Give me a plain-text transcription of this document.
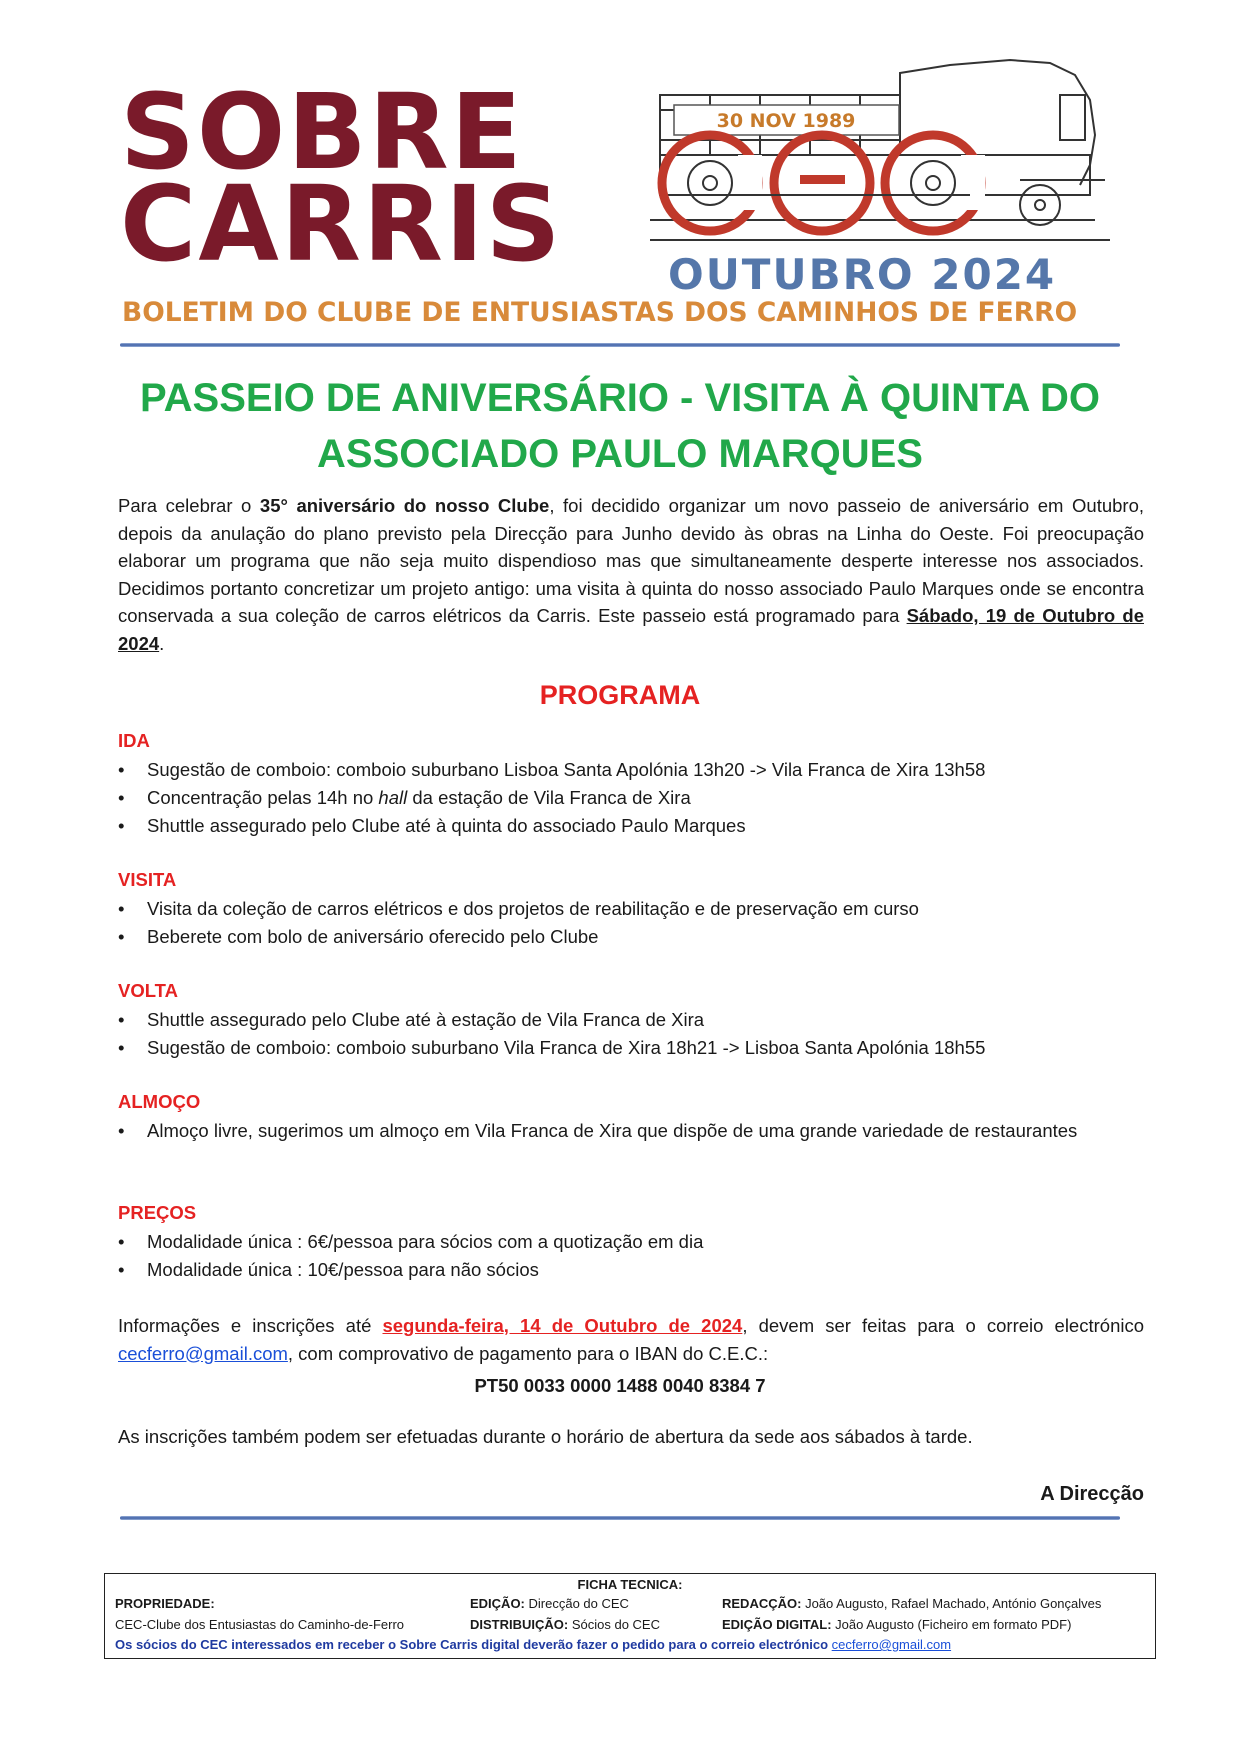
SOBRE
CARRIS
30 NOV 1989
OUTUBRO 2024
BOLETIM DO CLUBE DE ENTUSIASTAS DOS CAMINHOS DE FERRO
PASSEIO DE ANIVERSÁRIO - VISITA À QUINTA DO
ASSOCIADO PAULO MARQUES
Para celebrar o 35° aniversário do nosso Clube, foi decidido organizar um novo passeio de aniversário em Outubro, depois da anulação do plano previsto pela Direcção para Junho devido às obras na Linha do Oeste. Foi preocupação elaborar um programa que não seja muito dispendioso mas que simultaneamente desperte interesse nos associados. Decidimos portanto concretizar um projeto antigo: uma visita à quinta do nosso associado Paulo Marques onde se encontra conservada a sua coleção de carros elétricos da Carris. Este passeio está programado para Sábado, 19 de Outubro de 2024.
PROGRAMA
IDA
• Sugestão de comboio: comboio suburbano Lisboa Santa Apolónia 13h20 -> Vila Franca de Xira 13h58
• Concentração pelas 14h no hall da estação de Vila Franca de Xira
• Shuttle assegurado pelo Clube até à quinta do associado Paulo Marques
VISITA
• Visita da coleção de carros elétricos e dos projetos de reabilitação e de preservação em curso
• Beberete com bolo de aniversário oferecido pelo Clube
VOLTA
• Shuttle assegurado pelo Clube até à estação de Vila Franca de Xira
• Sugestão de comboio: comboio suburbano Vila Franca de Xira 18h21 -> Lisboa Santa Apolónia 18h55
ALMOÇO
• Almoço livre, sugerimos um almoço em Vila Franca de Xira que dispõe de uma grande variedade de restaurantes
PREÇOS
• Modalidade única : 6€/pessoa para sócios com a quotização em dia
• Modalidade única : 10€/pessoa para não sócios
Informações e inscrições até segunda-feira, 14 de Outubro de 2024, devem ser feitas para o correio electrónico cecferro@gmail.com, com comprovativo de pagamento para o IBAN do C.E.C.:
PT50 0033 0000 1488 0040 8384 7
As inscrições também podem ser efetuadas durante o horário de abertura da sede aos sábados à tarde.
A Direcção
FICHA TECNICA:
PROPRIEDADE:
CEC-Clube dos Entusiastas do Caminho-de-Ferro
EDIÇÃO: Direcção do CEC
DISTRIBUIÇÃO: Sócios do CEC
REDACÇÃO: João Augusto, Rafael Machado, António Gonçalves
EDIÇÃO DIGITAL: João Augusto (Ficheiro em formato PDF)
Os sócios do CEC interessados em receber o Sobre Carris digital deverão fazer o pedido para o correio electrónico cecferro@gmail.com
